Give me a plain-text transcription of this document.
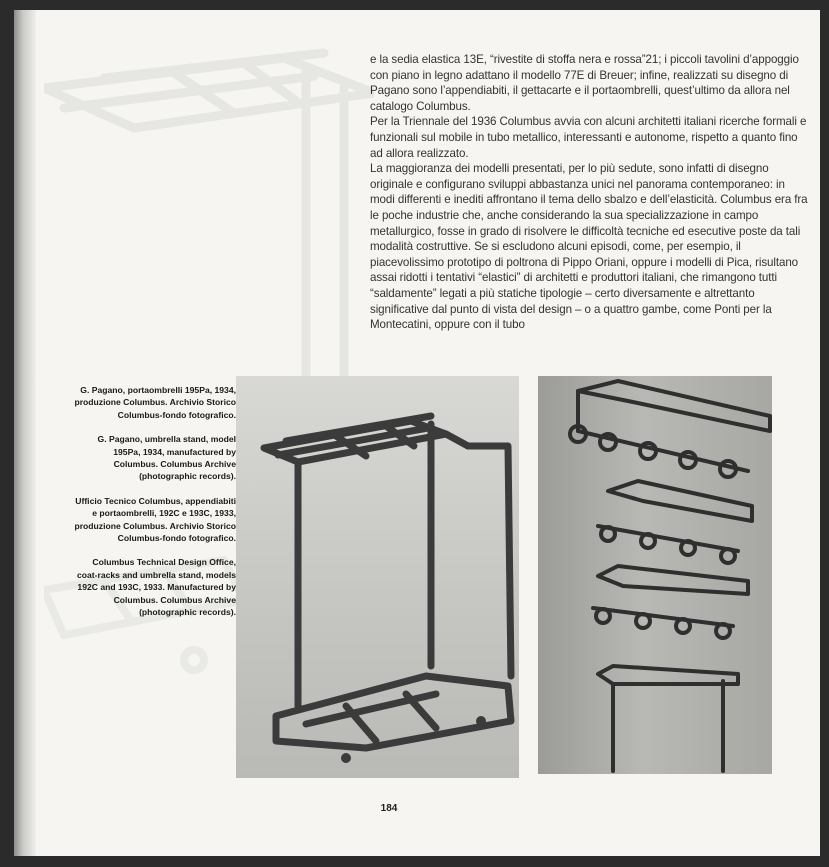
e la sedia elastica 13E, “rivestite di stoffa nera e rossa”21; i piccoli tavolini d’appoggio con piano in legno adattano il modello 77E di Breuer; infine, realizzati su disegno di Pagano sono l’appendiabiti, il gettacarte e il portaombrelli, quest’ultimo da allora nel catalogo Columbus.

Per la Triennale del 1936 Columbus avvia con alcuni architetti italiani ricerche formali e funzionali sul mobile in tubo metallico, interessanti e autonome, rispetto a quanto fino ad allora realizzato.

La maggioranza dei modelli presentati, per lo più sedute, sono infatti di disegno originale e configurano sviluppi abbastanza unici nel panorama contemporaneo: in modi differenti e inediti affrontano il tema dello sbalzo e dell’elasticità. Columbus era fra le poche industrie che, anche considerando la sua specializzazione in campo metallurgico, fosse in grado di risolvere le difficoltà tecniche ed esecutive poste da tali modalità costruttive. Se si escludono alcuni episodi, come, per esempio, il piacevolissimo prototipo di poltrona di Pippo Oriani, oppure i modelli di Pica, risultano assai ridotti i tentativi “elastici” di architetti e produttori italiani, che rimangono tutti “saldamente” legati a più statiche tipologie – certo diversamente e altrettanto significative dal punto di vista del design – o a quattro gambe, come Ponti per la Montecatini, oppure con il tubo

G. Pagano, portaombrelli 195Pa, 1934, produzione Columbus. Archivio Storico Columbus-fondo fotografico.

G. Pagano, umbrella stand, model 195Pa, 1934, manufactured by Columbus. Columbus Archive (photographic records).

Ufficio Tecnico Columbus, appendiabiti e portaombrelli, 192C e 193C, 1933, produzione Columbus. Archivio Storico Columbus-fondo fotografico.

Columbus Technical Design Office, coat-racks and umbrella stand, models 192C and 193C, 1933. Manufactured by Columbus. Columbus Archive (photographic records).

184
